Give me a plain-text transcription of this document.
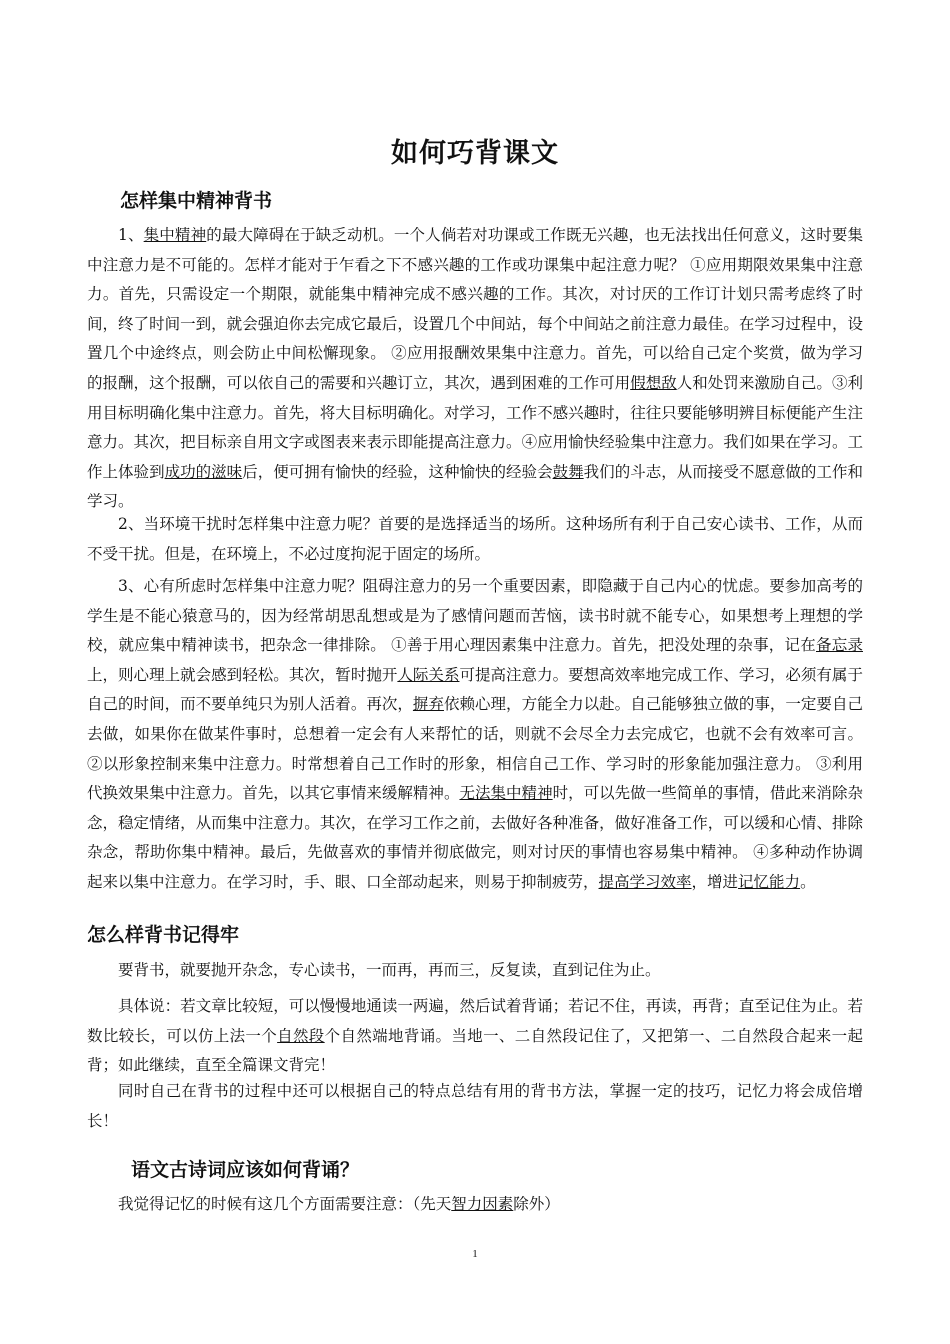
如何巧背课文
怎样集中精神背书

1、集中精神的最大障碍在于缺乏动机。一个人倘若对功课或工作既无兴趣，也无法找出任何意义，这时要集中注意力是不可能的。怎样才能对于乍看之下不感兴趣的工作或功课集中起注意力呢？ ①应用期限效果集中注意力。首先，只需设定一个期限，就能集中精神完成不感兴趣的工作。其次，对讨厌的工作订计划只需考虑终了时间，终了时间一到，就会强迫你去完成它最后，设置几个中间站，每个中间站之前注意力最佳。在学习过程中，设置几个中途终点，则会防止中间松懈现象。 ②应用报酬效果集中注意力。首先，可以给自己定个奖赏，做为学习的报酬，这个报酬，可以依自己的需要和兴趣订立，其次，遇到困难的工作可用假想敌人和处罚来激励自己。③利用目标明确化集中注意力。首先，将大目标明确化。对学习，工作不感兴趣时，往往只要能够明辨目标便能产生注意力。其次，把目标亲自用文字或图表来表示即能提高注意力。④应用愉快经验集中注意力。我们如果在学习。工作上体验到成功的滋味后，便可拥有愉快的经验，这种愉快的经验会鼓舞我们的斗志，从而接受不愿意做的工作和学习。

2、当环境干扰时怎样集中注意力呢？首要的是选择适当的场所。这种场所有利于自己安心读书、工作，从而不受干扰。但是，在环境上，不必过度拘泥于固定的场所。

3、心有所虑时怎样集中注意力呢？阻碍注意力的另一个重要因素，即隐藏于自己内心的忧虑。要参加高考的学生是不能心猿意马的，因为经常胡思乱想或是为了感情问题而苦恼，读书时就不能专心，如果想考上理想的学校，就应集中精神读书，把杂念一律排除。 ①善于用心理因素集中注意力。首先，把没处理的杂事，记在备忘录上，则心理上就会感到轻松。其次，暂时抛开人际关系可提高注意力。要想高效率地完成工作、学习，必须有属于自己的时间，而不要单纯只为别人活着。再次，摒弃依赖心理，方能全力以赴。自己能够独立做的事，一定要自己去做，如果你在做某件事时，总想着一定会有人来帮忙的话，则就不会尽全力去完成它，也就不会有效率可言。 ②以形象控制来集中注意力。时常想着自己工作时的形象，相信自己工作、学习时的形象能加强注意力。 ③利用代换效果集中注意力。首先，以其它事情来缓解精神。无法集中精神时，可以先做一些简单的事情，借此来消除杂念，稳定情绪，从而集中注意力。其次，在学习工作之前，去做好各种准备，做好准备工作，可以缓和心情、排除杂念，帮助你集中精神。最后，先做喜欢的事情并彻底做完，则对讨厌的事情也容易集中精神。 ④多种动作协调起来以集中注意力。在学习时，手、眼、口全部动起来，则易于抑制疲劳，提高学习效率，增进记忆能力。

怎么样背书记得牢

要背书，就要抛开杂念，专心读书，一而再，再而三，反复读，直到记住为止。

具体说：若文章比较短，可以慢慢地通读一两遍，然后试着背诵；若记不住，再读，再背；直至记住为止。若数比较长，可以仿上法一个自然段个自然端地背诵。当地一、二自然段记住了，又把第一、二自然段合起来一起背；如此继续，直至全篇课文背完！

同时自己在背书的过程中还可以根据自己的特点总结有用的背书方法，掌握一定的技巧，记忆力将会成倍增长！

语文古诗词应该如何背诵？

我觉得记忆的时候有这几个方面需要注意：（先天智力因素除外）

1
